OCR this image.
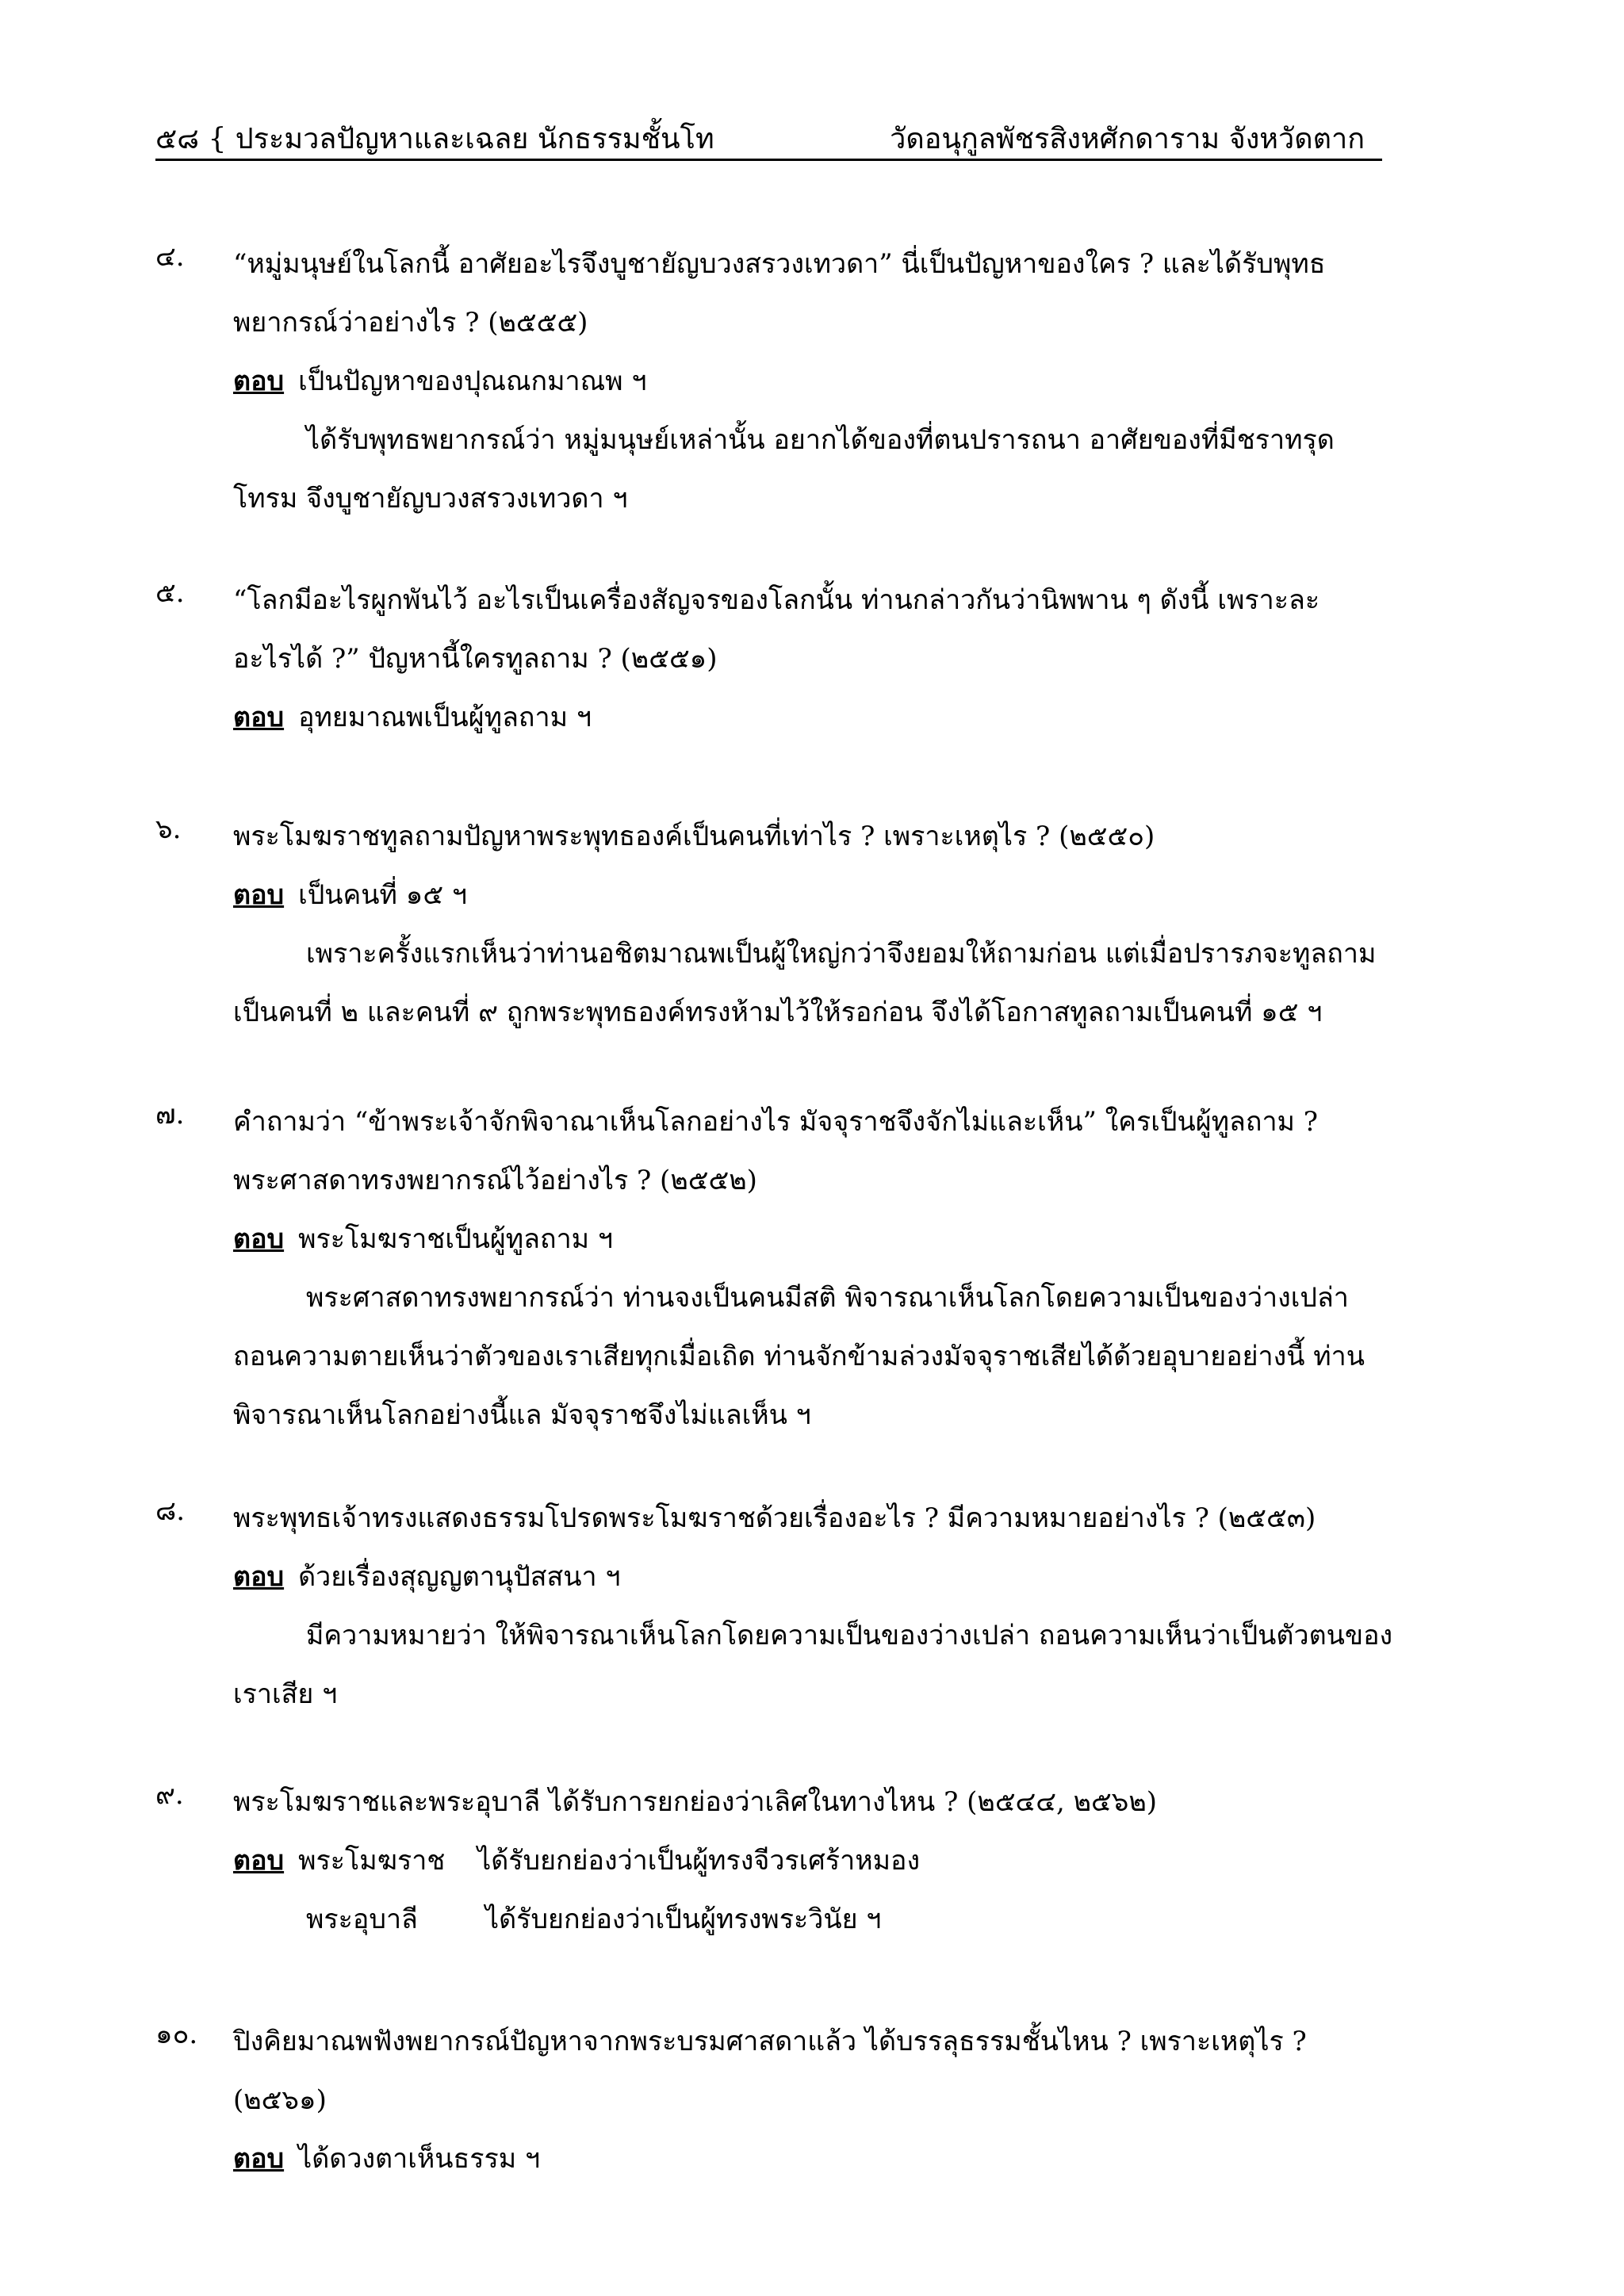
๕๘ { ประมวลปัญหาและเฉลย นักธรรมชั้นโท	วัดอนุกูลพัชรสิงหศักดาราม จังหวัดตาก
๔. “หมู่มนุษย์ในโลกนี้ อาศัยอะไรจึงบูชายัญบวงสรวงเทวดา” นี่เป็นปัญหาของใคร ? และได้รับพุทธ
พยากรณ์ว่าอย่างไร ? (๒๕๕๕)
ตอบ เป็นปัญหาของปุณณกมาณพ ฯ
ได้รับพุทธพยากรณ์ว่า หมู่มนุษย์เหล่านั้น อยากได้ของที่ตนปรารถนา อาศัยของที่มีชราทรุด
โทรม จึงบูชายัญบวงสรวงเทวดา ฯ
๕. “โลกมีอะไรผูกพันไว้ อะไรเป็นเครื่องสัญจรของโลกนั้น ท่านกล่าวกันว่านิพพาน ๆ ดังนี้ เพราะละ
อะไรได้ ?” ปัญหานี้ใครทูลถาม ? (๒๕๕๑)
ตอบ อุทยมาณพเป็นผู้ทูลถาม ฯ
๖. พระโมฆราชทูลถามปัญหาพระพุทธองค์เป็นคนที่เท่าไร ? เพราะเหตุไร ? (๒๕๕๐)
ตอบ เป็นคนที่ ๑๕ ฯ
เพราะครั้งแรกเห็นว่าท่านอชิตมาณพเป็นผู้ใหญ่กว่าจึงยอมให้ถามก่อน แต่เมื่อปรารภจะทูลถาม
เป็นคนที่ ๒ และคนที่ ๙ ถูกพระพุทธองค์ทรงห้ามไว้ให้รอก่อน จึงได้โอกาสทูลถามเป็นคนที่ ๑๕ ฯ
๗. คำถามว่า “ข้าพระเจ้าจักพิจาณาเห็นโลกอย่างไร มัจจุราชจึงจักไม่และเห็น” ใครเป็นผู้ทูลถาม ?
พระศาสดาทรงพยากรณ์ไว้อย่างไร ? (๒๕๕๒)
ตอบ พระโมฆราชเป็นผู้ทูลถาม ฯ
พระศาสดาทรงพยากรณ์ว่า ท่านจงเป็นคนมีสติ พิจารณาเห็นโลกโดยความเป็นของว่างเปล่า
ถอนความตายเห็นว่าตัวของเราเสียทุกเมื่อเถิด ท่านจักข้ามล่วงมัจจุราชเสียได้ด้วยอุบายอย่างนี้ ท่าน
พิจารณาเห็นโลกอย่างนี้แล มัจจุราชจึงไม่แลเห็น ฯ
๘. พระพุทธเจ้าทรงแสดงธรรมโปรดพระโมฆราชด้วยเรื่องอะไร ? มีความหมายอย่างไร ? (๒๕๕๓)
ตอบ ด้วยเรื่องสุญญตานุปัสสนา ฯ
มีความหมายว่า ให้พิจารณาเห็นโลกโดยความเป็นของว่างเปล่า ถอนความเห็นว่าเป็นตัวตนของ
เราเสีย ฯ
๙. พระโมฆราชและพระอุบาลี ได้รับการยกย่องว่าเลิศในทางไหน ? (๒๕๔๔, ๒๕๖๒)
ตอบ พระโมฆราช ได้รับยกย่องว่าเป็นผู้ทรงจีวรเศร้าหมอง
พระอุบาลี	ได้รับยกย่องว่าเป็นผู้ทรงพระวินัย ฯ
๑๐. ปิงคิยมาณพฟังพยากรณ์ปัญหาจากพระบรมศาสดาแล้ว ได้บรรลุธรรมชั้นไหน ? เพราะเหตุไร ?
(๒๕๖๑)
ตอบ ได้ดวงตาเห็นธรรม ฯ
